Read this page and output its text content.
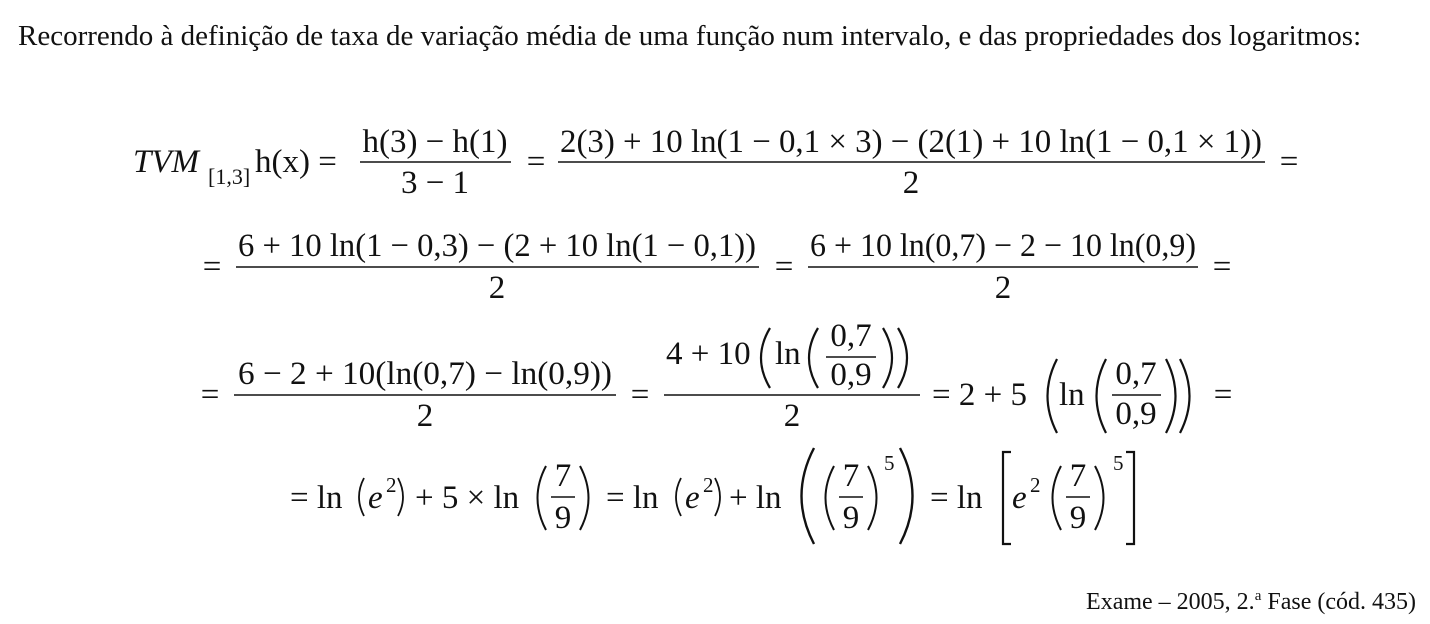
Recorrendo à definição de taxa de variação média de uma função num intervalo, e das propriedades dos logaritmos:
TVM [1,3] h(x) =
h(3) − h(1)
3 − 1
=
2(3) + 10 ln(1 − 0,1 × 3) − (2(1) + 10 ln(1 − 0,1 × 1))
2
=
=
6 + 10 ln(1 − 0,3) − (2 + 10 ln(1 − 0,1))
2
=
6 + 10 ln(0,7) − 2 − 10 ln(0,9)
2
=
=
6 − 2 + 10(ln(0,7) − ln(0,9))
2
=
4 + 10 ln 0,7
0,9
2
= 2 + 5 ln
0,7
0,9
=
= ln e 2 + 5 × ln
7
9
= ln e 2 + ln
7
9
5
= ln e 2 7
9
5
Exame – 2005, 2.$^a$ Fase (cód. 435)
